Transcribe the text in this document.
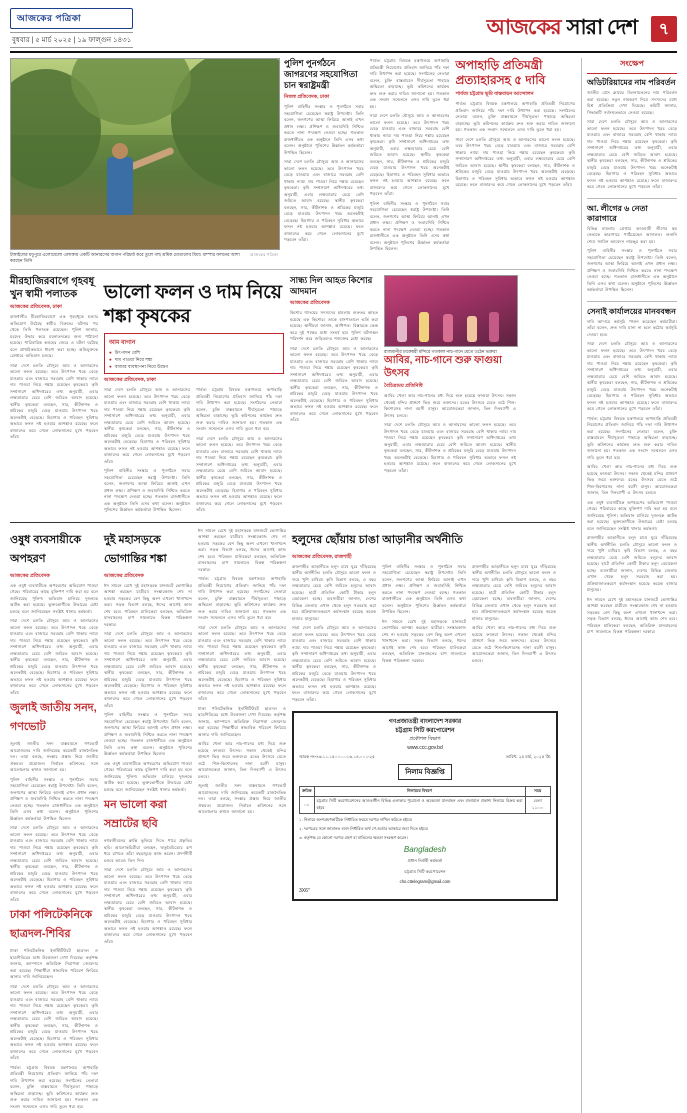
আজকের পত্রিকা
বুধবার | ৫ মার্চ ২০২৫ | ১৯ ফাল্গুন ১৪৩১
আজকের সারা দেশ	৭
টাঙ্গাইলের মধুপুরে এলোমেলো এলাকায় একটি আনারসের বাগান পরিচর্যা করে তুলে গাছ শ্রমিক মোতালেব মিয়া। বাম্পার ফলনের আশা করছেন তিনি
আজকের পত্রিকা
পুলিশ পুনর্গঠনে জাগরণের সহযোগিতা চান স্বরাষ্ট্রমন্ত্রী
নিজস্ব প্রতিবেদক, ঢাকা

পুলিশ বাহিনীর সংস্কার ও পুনর্গঠনে সবার সহযোগিতা চেয়েছেন স্বরাষ্ট্র উপদেষ্টা। তিনি বলেন, জনগণের আস্থা ফিরিয়ে আনাই এখন প্রধান লক্ষ্য। প্রশিক্ষণ ও জবাবদিহি নিশ্চিত করতে নানা পদক্ষেপ নেওয়া হচ্ছে। গতকাল রাজধানীতে এক অনুষ্ঠানে তিনি এসব কথা বলেন। অনুষ্ঠানে পুলিশের ঊর্ধ্বতন কর্মকর্তারা উপস্থিত ছিলেন।

সারা দেশে চলতি মৌসুমে আম ও আনারসের ভালো ফলন হয়েছে। তবে উৎপাদন খরচ বেড়ে যাওয়ায় এবং বাজারে সরবরাহ বেশি থাকায় ন্যায্য দাম পাওয়া নিয়ে শঙ্কায় রয়েছেন কৃষকেরা। কৃষি সম্প্রসারণ অধিদপ্তরের তথ্য অনুযায়ী, এবার লক্ষ্যমাত্রার চেয়ে বেশি জমিতে আবাদ হয়েছে। স্থানীয় কৃষকেরা বলছেন, সার, কীটনাশক ও শ্রমিকের মজুরি বেড়ে যাওয়ায় উৎপাদন খরচ অনেকটাই বেড়েছে। হিমাগার ও পরিবহন সুবিধার অভাবে ফসল নষ্ট হওয়ার আশঙ্কাও রয়েছে। ফলে বাজারদর কমে গেলে লোকসানের মুখে পড়বেন তাঁরা।

পার্বত্য চট্টগ্রাম বিষয়ক মন্ত্রণালয়ে অপাহাড়ি প্রতিমন্ত্রী নিয়োগের প্রতিবাদ জানিয়ে পাঁচ দফা দাবি উত্থাপন করা হয়েছে। সংগঠনের নেতারা বলেন, চুক্তি বাস্তবায়নে দীর্ঘসূত্রতা পাহাড়ে অস্থিরতা বাড়াচ্ছে। ভূমি কমিশনের কার্যক্রম দ্রুত শুরু করার দাবিও জানানো হয়। গতকাল এক সংবাদ সম্মেলনে এসব দাবি তুলে ধরা হয়।

সারা দেশে চলতি মৌসুমে আম ও আনারসের ভালো ফলন হয়েছে। তবে উৎপাদন খরচ বেড়ে যাওয়ায় এবং বাজারে সরবরাহ বেশি থাকায় ন্যায্য দাম পাওয়া নিয়ে শঙ্কায় রয়েছেন কৃষকেরা। কৃষি সম্প্রসারণ অধিদপ্তরের তথ্য অনুযায়ী, এবার লক্ষ্যমাত্রার চেয়ে বেশি জমিতে আবাদ হয়েছে। স্থানীয় কৃষকেরা বলছেন, সার, কীটনাশক ও শ্রমিকের মজুরি বেড়ে যাওয়ায় উৎপাদন খরচ অনেকটাই বেড়েছে। হিমাগার ও পরিবহন সুবিধার অভাবে ফসল নষ্ট হওয়ার আশঙ্কাও রয়েছে। ফলে বাজারদর কমে গেলে লোকসানের মুখে পড়বেন তাঁরা।

পুলিশ বাহিনীর সংস্কার ও পুনর্গঠনে সবার সহযোগিতা চেয়েছেন স্বরাষ্ট্র উপদেষ্টা। তিনি বলেন, জনগণের আস্থা ফিরিয়ে আনাই এখন প্রধান লক্ষ্য। প্রশিক্ষণ ও জবাবদিহি নিশ্চিত করতে নানা পদক্ষেপ নেওয়া হচ্ছে। গতকাল রাজধানীতে এক অনুষ্ঠানে তিনি এসব কথা বলেন। অনুষ্ঠানে পুলিশের ঊর্ধ্বতন কর্মকর্তারা উপস্থিত ছিলেন।

অপাহাড়ি প্রতিমন্ত্রী প্রত্যাহারসহ ৫ দাবি
পার্বত্য চট্টগ্রাম ভূমি বাস্তবায়ন আন্দোলন

পার্বত্য চট্টগ্রাম বিষয়ক মন্ত্রণালয়ে অপাহাড়ি প্রতিমন্ত্রী নিয়োগের প্রতিবাদ জানিয়ে পাঁচ দফা দাবি উত্থাপন করা হয়েছে। সংগঠনের নেতারা বলেন, চুক্তি বাস্তবায়নে দীর্ঘসূত্রতা পাহাড়ে অস্থিরতা বাড়াচ্ছে। ভূমি কমিশনের কার্যক্রম দ্রুত শুরু করার দাবিও জানানো হয়। গতকাল এক সংবাদ সম্মেলনে এসব দাবি তুলে ধরা হয়।

সারা দেশে চলতি মৌসুমে আম ও আনারসের ভালো ফলন হয়েছে। তবে উৎপাদন খরচ বেড়ে যাওয়ায় এবং বাজারে সরবরাহ বেশি থাকায় ন্যায্য দাম পাওয়া নিয়ে শঙ্কায় রয়েছেন কৃষকেরা। কৃষি সম্প্রসারণ অধিদপ্তরের তথ্য অনুযায়ী, এবার লক্ষ্যমাত্রার চেয়ে বেশি জমিতে আবাদ হয়েছে। স্থানীয় কৃষকেরা বলছেন, সার, কীটনাশক ও শ্রমিকের মজুরি বেড়ে যাওয়ায় উৎপাদন খরচ অনেকটাই বেড়েছে। হিমাগার ও পরিবহন সুবিধার অভাবে ফসল নষ্ট হওয়ার আশঙ্কাও রয়েছে। ফলে বাজারদর কমে গেলে লোকসানের মুখে পড়বেন তাঁরা।

মীরহাজিরবাগে গৃহবধূ খুন স্বামী পলাতক
আজকের প্রতিবেদক, ঢাকা

রাজধানীর মীরহাজিরবাগে এক গৃহবধূকে হত্যার অভিযোগ উঠেছে স্বামীর বিরুদ্ধে। ঘটনার পর থেকে তিনি পলাতক রয়েছেন। পুলিশ জানায়, মরদেহ উদ্ধার করে ময়নাতদন্তের জন্য পাঠানো হয়েছে। পারিবারিক কলহের জেরে এ ঘটনা ঘটেছে বলে প্রাথমিকভাবে ধারণা করা হচ্ছে। অভিযুক্তকে গ্রেপ্তারে অভিযান চলছে।

সারা দেশে চলতি মৌসুমে আম ও আনারসের ভালো ফলন হয়েছে। তবে উৎপাদন খরচ বেড়ে যাওয়ায় এবং বাজারে সরবরাহ বেশি থাকায় ন্যায্য দাম পাওয়া নিয়ে শঙ্কায় রয়েছেন কৃষকেরা। কৃষি সম্প্রসারণ অধিদপ্তরের তথ্য অনুযায়ী, এবার লক্ষ্যমাত্রার চেয়ে বেশি জমিতে আবাদ হয়েছে। স্থানীয় কৃষকেরা বলছেন, সার, কীটনাশক ও শ্রমিকের মজুরি বেড়ে যাওয়ায় উৎপাদন খরচ অনেকটাই বেড়েছে। হিমাগার ও পরিবহন সুবিধার অভাবে ফসল নষ্ট হওয়ার আশঙ্কাও রয়েছে। ফলে বাজারদর কমে গেলে লোকসানের মুখে পড়বেন তাঁরা।

ভালো ফলন ও দাম নিয়ে শঙ্কা কৃষকের
আম বাগান
● উৎপাদন বেশি
● দাম পাওয়া নিয়ে শঙ্কা
● বাজার ব্যবস্থাপনা নিয়ে উদ্বেগ
আজকের প্রতিবেদক, ঢাকা

সারা দেশে চলতি মৌসুমে আম ও আনারসের ভালো ফলন হয়েছে। তবে উৎপাদন খরচ বেড়ে যাওয়ায় এবং বাজারে সরবরাহ বেশি থাকায় ন্যায্য দাম পাওয়া নিয়ে শঙ্কায় রয়েছেন কৃষকেরা। কৃষি সম্প্রসারণ অধিদপ্তরের তথ্য অনুযায়ী, এবার লক্ষ্যমাত্রার চেয়ে বেশি জমিতে আবাদ হয়েছে। স্থানীয় কৃষকেরা বলছেন, সার, কীটনাশক ও শ্রমিকের মজুরি বেড়ে যাওয়ায় উৎপাদন খরচ অনেকটাই বেড়েছে। হিমাগার ও পরিবহন সুবিধার অভাবে ফসল নষ্ট হওয়ার আশঙ্কাও রয়েছে। ফলে বাজারদর কমে গেলে লোকসানের মুখে পড়বেন তাঁরা।

পুলিশ বাহিনীর সংস্কার ও পুনর্গঠনে সবার সহযোগিতা চেয়েছেন স্বরাষ্ট্র উপদেষ্টা। তিনি বলেন, জনগণের আস্থা ফিরিয়ে আনাই এখন প্রধান লক্ষ্য। প্রশিক্ষণ ও জবাবদিহি নিশ্চিত করতে নানা পদক্ষেপ নেওয়া হচ্ছে। গতকাল রাজধানীতে এক অনুষ্ঠানে তিনি এসব কথা বলেন। অনুষ্ঠানে পুলিশের ঊর্ধ্বতন কর্মকর্তারা উপস্থিত ছিলেন।

পার্বত্য চট্টগ্রাম বিষয়ক মন্ত্রণালয়ে অপাহাড়ি প্রতিমন্ত্রী নিয়োগের প্রতিবাদ জানিয়ে পাঁচ দফা দাবি উত্থাপন করা হয়েছে। সংগঠনের নেতারা বলেন, চুক্তি বাস্তবায়নে দীর্ঘসূত্রতা পাহাড়ে অস্থিরতা বাড়াচ্ছে। ভূমি কমিশনের কার্যক্রম দ্রুত শুরু করার দাবিও জানানো হয়। গতকাল এক সংবাদ সম্মেলনে এসব দাবি তুলে ধরা হয়।

সারা দেশে চলতি মৌসুমে আম ও আনারসের ভালো ফলন হয়েছে। তবে উৎপাদন খরচ বেড়ে যাওয়ায় এবং বাজারে সরবরাহ বেশি থাকায় ন্যায্য দাম পাওয়া নিয়ে শঙ্কায় রয়েছেন কৃষকেরা। কৃষি সম্প্রসারণ অধিদপ্তরের তথ্য অনুযায়ী, এবার লক্ষ্যমাত্রার চেয়ে বেশি জমিতে আবাদ হয়েছে। স্থানীয় কৃষকেরা বলছেন, সার, কীটনাশক ও শ্রমিকের মজুরি বেড়ে যাওয়ায় উৎপাদন খরচ অনেকটাই বেড়েছে। হিমাগার ও পরিবহন সুবিধার অভাবে ফসল নষ্ট হওয়ার আশঙ্কাও রয়েছে। ফলে বাজারদর কমে গেলে লোকসানের মুখে পড়বেন তাঁরা।

সান্ধ্য দিল আহত কিশোর আদমান
আজকের প্রতিবেদক

কিশোর গ্যাংয়ের সদস্যদের হামলায় গুরুতর আহত হয়েছে এক কিশোর। তাকে হাসপাতালে ভর্তি করা হয়েছে। স্থানীয়রা জানান, আধিপত্য বিস্তারকে কেন্দ্র করে দুই পক্ষের মধ্যে সংঘর্ষ হয়। পুলিশ ঘটনাস্থল পরিদর্শন করে জড়িতদের শনাক্তের চেষ্টা করছে।

সারা দেশে চলতি মৌসুমে আম ও আনারসের ভালো ফলন হয়েছে। তবে উৎপাদন খরচ বেড়ে যাওয়ায় এবং বাজারে সরবরাহ বেশি থাকায় ন্যায্য দাম পাওয়া নিয়ে শঙ্কায় রয়েছেন কৃষকেরা। কৃষি সম্প্রসারণ অধিদপ্তরের তথ্য অনুযায়ী, এবার লক্ষ্যমাত্রার চেয়ে বেশি জমিতে আবাদ হয়েছে। স্থানীয় কৃষকেরা বলছেন, সার, কীটনাশক ও শ্রমিকের মজুরি বেড়ে যাওয়ায় উৎপাদন খরচ অনেকটাই বেড়েছে। হিমাগার ও পরিবহন সুবিধার অভাবে ফসল নষ্ট হওয়ার আশঙ্কাও রয়েছে। ফলে বাজারদর কমে গেলে লোকসানের মুখে পড়বেন তাঁরা।

রাজধানীর ঢাকেশ্বরী মন্দিরে গতকাল নাচ-গানে মেতে ওঠেন ভক্তরা
আবির, নাচ-গানে শুরু ফাগুয়া উৎসব
বৈচিত্র্যময় প্রতিনিধি

আবির খেলা আর নাচ-গানের মধ্য দিয়ে শুরু হয়েছে ফাগুয়া উৎসব। সকাল থেকেই মন্দির প্রাঙ্গণে ভিড় জমে ভক্তদের। রঙের উৎসবে মেতে ওঠে শিশু-কিশোরসহ নানা বয়সী মানুষ। আয়োজকেরা জানান, তিন দিনব্যাপী এ উৎসব চলবে।

সারা দেশে চলতি মৌসুমে আম ও আনারসের ভালো ফলন হয়েছে। তবে উৎপাদন খরচ বেড়ে যাওয়ায় এবং বাজারে সরবরাহ বেশি থাকায় ন্যায্য দাম পাওয়া নিয়ে শঙ্কায় রয়েছেন কৃষকেরা। কৃষি সম্প্রসারণ অধিদপ্তরের তথ্য অনুযায়ী, এবার লক্ষ্যমাত্রার চেয়ে বেশি জমিতে আবাদ হয়েছে। স্থানীয় কৃষকেরা বলছেন, সার, কীটনাশক ও শ্রমিকের মজুরি বেড়ে যাওয়ায় উৎপাদন খরচ অনেকটাই বেড়েছে। হিমাগার ও পরিবহন সুবিধার অভাবে ফসল নষ্ট হওয়ার আশঙ্কাও রয়েছে। ফলে বাজারদর কমে গেলে লোকসানের মুখে পড়বেন তাঁরা।

ওষুধ ব্যবসায়ীকে অপহরণ
আজকের প্রতিবেদক

এক ওষুধ ব্যবসায়ীকে অপহরণের অভিযোগ পাওয়া গেছে। পরিবারের কাছে মুক্তিপণ দাবি করা হয় বলে জানিয়েছে পুলিশ। অভিযান চালিয়ে দুজনকে আটক করা হয়েছে। ভুক্তভোগীকে উদ্ধারের চেষ্টা চলছে বলে জানিয়েছেন সংশ্লিষ্ট থানার কর্মকর্তা।

সারা দেশে চলতি মৌসুমে আম ও আনারসের ভালো ফলন হয়েছে। তবে উৎপাদন খরচ বেড়ে যাওয়ায় এবং বাজারে সরবরাহ বেশি থাকায় ন্যায্য দাম পাওয়া নিয়ে শঙ্কায় রয়েছেন কৃষকেরা। কৃষি সম্প্রসারণ অধিদপ্তরের তথ্য অনুযায়ী, এবার লক্ষ্যমাত্রার চেয়ে বেশি জমিতে আবাদ হয়েছে। স্থানীয় কৃষকেরা বলছেন, সার, কীটনাশক ও শ্রমিকের মজুরি বেড়ে যাওয়ায় উৎপাদন খরচ অনেকটাই বেড়েছে। হিমাগার ও পরিবহন সুবিধার অভাবে ফসল নষ্ট হওয়ার আশঙ্কাও রয়েছে। ফলে বাজারদর কমে গেলে লোকসানের মুখে পড়বেন তাঁরা।

জুলাই জাতীয় সনদ, গণভোট

জুলাই জাতীয় সনদ বাস্তবায়নে গণভোট আয়োজনের দাবি জানিয়েছে কয়েকটি রাজনৈতিক দল। তারা বলছে, সংস্কার প্রস্তাব নিয়ে জাতীয় ঐকমত্য প্রয়োজন। নির্বাচন কমিশনের সঙ্গে আলোচনার কথাও জানানো হয়।

পুলিশ বাহিনীর সংস্কার ও পুনর্গঠনে সবার সহযোগিতা চেয়েছেন স্বরাষ্ট্র উপদেষ্টা। তিনি বলেন, জনগণের আস্থা ফিরিয়ে আনাই এখন প্রধান লক্ষ্য। প্রশিক্ষণ ও জবাবদিহি নিশ্চিত করতে নানা পদক্ষেপ নেওয়া হচ্ছে। গতকাল রাজধানীতে এক অনুষ্ঠানে তিনি এসব কথা বলেন। অনুষ্ঠানে পুলিশের ঊর্ধ্বতন কর্মকর্তারা উপস্থিত ছিলেন।

সারা দেশে চলতি মৌসুমে আম ও আনারসের ভালো ফলন হয়েছে। তবে উৎপাদন খরচ বেড়ে যাওয়ায় এবং বাজারে সরবরাহ বেশি থাকায় ন্যায্য দাম পাওয়া নিয়ে শঙ্কায় রয়েছেন কৃষকেরা। কৃষি সম্প্রসারণ অধিদপ্তরের তথ্য অনুযায়ী, এবার লক্ষ্যমাত্রার চেয়ে বেশি জমিতে আবাদ হয়েছে। স্থানীয় কৃষকেরা বলছেন, সার, কীটনাশক ও শ্রমিকের মজুরি বেড়ে যাওয়ায় উৎপাদন খরচ অনেকটাই বেড়েছে। হিমাগার ও পরিবহন সুবিধার অভাবে ফসল নষ্ট হওয়ার আশঙ্কাও রয়েছে। ফলে বাজারদর কমে গেলে লোকসানের মুখে পড়বেন তাঁরা।

ঢাকা পলিটেকনিকে ছাত্রদল-শিবির

ঢাকা পলিটেকনিক ইনস্টিটিউটে ছাত্রদল ও ছাত্রশিবিরের মধ্যে উত্তেজনা দেখা দিয়েছে। কর্তৃপক্ষ জানায়, ক্যাম্পাসে অতিরিক্ত নিরাপত্তা জোরদার করা হয়েছে। শিক্ষার্থীরা স্বাভাবিক পরিবেশ ফিরিয়ে আনার দাবি জানিয়েছেন।

সারা দেশে চলতি মৌসুমে আম ও আনারসের ভালো ফলন হয়েছে। তবে উৎপাদন খরচ বেড়ে যাওয়ায় এবং বাজারে সরবরাহ বেশি থাকায় ন্যায্য দাম পাওয়া নিয়ে শঙ্কায় রয়েছেন কৃষকেরা। কৃষি সম্প্রসারণ অধিদপ্তরের তথ্য অনুযায়ী, এবার লক্ষ্যমাত্রার চেয়ে বেশি জমিতে আবাদ হয়েছে। স্থানীয় কৃষকেরা বলছেন, সার, কীটনাশক ও শ্রমিকের মজুরি বেড়ে যাওয়ায় উৎপাদন খরচ অনেকটাই বেড়েছে। হিমাগার ও পরিবহন সুবিধার অভাবে ফসল নষ্ট হওয়ার আশঙ্কাও রয়েছে। ফলে বাজারদর কমে গেলে লোকসানের মুখে পড়বেন তাঁরা।

পার্বত্য চট্টগ্রাম বিষয়ক মন্ত্রণালয়ে অপাহাড়ি প্রতিমন্ত্রী নিয়োগের প্রতিবাদ জানিয়ে পাঁচ দফা দাবি উত্থাপন করা হয়েছে। সংগঠনের নেতারা বলেন, চুক্তি বাস্তবায়নে দীর্ঘসূত্রতা পাহাড়ে অস্থিরতা বাড়াচ্ছে। ভূমি কমিশনের কার্যক্রম দ্রুত শুরু করার দাবিও জানানো হয়। গতকাল এক সংবাদ সম্মেলনে এসব দাবি তুলে ধরা হয়।

দুই মহাসড়কে ভোগান্তির শঙ্কা
আজকের প্রতিবেদক

ঈদ সামনে রেখে দুই মহাসড়কে যানজটে ভোগান্তির আশঙ্কা করছেন যাত্রীরা। সংস্কারকাজ শেষ না হওয়ায় সড়কের বেশ কিছু অংশ এখনো খানাখন্দে ভরা। সড়ক বিভাগ বলছে, ঈদের আগেই কাজ শেষ হবে। পরিবহন মালিকেরা বলছেন, অতিরিক্ত যানবাহনের চাপ সামলাতে বিকল্প পরিকল্পনা দরকার।

সারা দেশে চলতি মৌসুমে আম ও আনারসের ভালো ফলন হয়েছে। তবে উৎপাদন খরচ বেড়ে যাওয়ায় এবং বাজারে সরবরাহ বেশি থাকায় ন্যায্য দাম পাওয়া নিয়ে শঙ্কায় রয়েছেন কৃষকেরা। কৃষি সম্প্রসারণ অধিদপ্তরের তথ্য অনুযায়ী, এবার লক্ষ্যমাত্রার চেয়ে বেশি জমিতে আবাদ হয়েছে। স্থানীয় কৃষকেরা বলছেন, সার, কীটনাশক ও শ্রমিকের মজুরি বেড়ে যাওয়ায় উৎপাদন খরচ অনেকটাই বেড়েছে। হিমাগার ও পরিবহন সুবিধার অভাবে ফসল নষ্ট হওয়ার আশঙ্কাও রয়েছে। ফলে বাজারদর কমে গেলে লোকসানের মুখে পড়বেন তাঁরা।

পুলিশ বাহিনীর সংস্কার ও পুনর্গঠনে সবার সহযোগিতা চেয়েছেন স্বরাষ্ট্র উপদেষ্টা। তিনি বলেন, জনগণের আস্থা ফিরিয়ে আনাই এখন প্রধান লক্ষ্য। প্রশিক্ষণ ও জবাবদিহি নিশ্চিত করতে নানা পদক্ষেপ নেওয়া হচ্ছে। গতকাল রাজধানীতে এক অনুষ্ঠানে তিনি এসব কথা বলেন। অনুষ্ঠানে পুলিশের ঊর্ধ্বতন কর্মকর্তারা উপস্থিত ছিলেন।

এক ওষুধ ব্যবসায়ীকে অপহরণের অভিযোগ পাওয়া গেছে। পরিবারের কাছে মুক্তিপণ দাবি করা হয় বলে জানিয়েছে পুলিশ। অভিযান চালিয়ে দুজনকে আটক করা হয়েছে। ভুক্তভোগীকে উদ্ধারের চেষ্টা চলছে বলে জানিয়েছেন সংশ্লিষ্ট থানার কর্মকর্তা।

মন ভালো করা সম্রাটের ছবি

নগরজীবনের ক্লান্তি ভুলিয়ে দিতে পারে প্রকৃতির ছবি। আলোকচিত্রীরা বলছেন, ঋতুবৈচিত্র্যের রূপ ধরে রাখতে তাঁরা বছরজুড়ে কাজ করেন। প্রদর্শনীটি চলবে আরও তিন দিন।

সারা দেশে চলতি মৌসুমে আম ও আনারসের ভালো ফলন হয়েছে। তবে উৎপাদন খরচ বেড়ে যাওয়ায় এবং বাজারে সরবরাহ বেশি থাকায় ন্যায্য দাম পাওয়া নিয়ে শঙ্কায় রয়েছেন কৃষকেরা। কৃষি সম্প্রসারণ অধিদপ্তরের তথ্য অনুযায়ী, এবার লক্ষ্যমাত্রার চেয়ে বেশি জমিতে আবাদ হয়েছে। স্থানীয় কৃষকেরা বলছেন, সার, কীটনাশক ও শ্রমিকের মজুরি বেড়ে যাওয়ায় উৎপাদন খরচ অনেকটাই বেড়েছে। হিমাগার ও পরিবহন সুবিধার অভাবে ফসল নষ্ট হওয়ার আশঙ্কাও রয়েছে। ফলে বাজারদর কমে গেলে লোকসানের মুখে পড়বেন তাঁরা।

ঈদ সামনে রেখে দুই মহাসড়কে যানজটে ভোগান্তির আশঙ্কা করছেন যাত্রীরা। সংস্কারকাজ শেষ না হওয়ায় সড়কের বেশ কিছু অংশ এখনো খানাখন্দে ভরা। সড়ক বিভাগ বলছে, ঈদের আগেই কাজ শেষ হবে। পরিবহন মালিকেরা বলছেন, অতিরিক্ত যানবাহনের চাপ সামলাতে বিকল্প পরিকল্পনা দরকার।

পার্বত্য চট্টগ্রাম বিষয়ক মন্ত্রণালয়ে অপাহাড়ি প্রতিমন্ত্রী নিয়োগের প্রতিবাদ জানিয়ে পাঁচ দফা দাবি উত্থাপন করা হয়েছে। সংগঠনের নেতারা বলেন, চুক্তি বাস্তবায়নে দীর্ঘসূত্রতা পাহাড়ে অস্থিরতা বাড়াচ্ছে। ভূমি কমিশনের কার্যক্রম দ্রুত শুরু করার দাবিও জানানো হয়। গতকাল এক সংবাদ সম্মেলনে এসব দাবি তুলে ধরা হয়।

সারা দেশে চলতি মৌসুমে আম ও আনারসের ভালো ফলন হয়েছে। তবে উৎপাদন খরচ বেড়ে যাওয়ায় এবং বাজারে সরবরাহ বেশি থাকায় ন্যায্য দাম পাওয়া নিয়ে শঙ্কায় রয়েছেন কৃষকেরা। কৃষি সম্প্রসারণ অধিদপ্তরের তথ্য অনুযায়ী, এবার লক্ষ্যমাত্রার চেয়ে বেশি জমিতে আবাদ হয়েছে। স্থানীয় কৃষকেরা বলছেন, সার, কীটনাশক ও শ্রমিকের মজুরি বেড়ে যাওয়ায় উৎপাদন খরচ অনেকটাই বেড়েছে। হিমাগার ও পরিবহন সুবিধার অভাবে ফসল নষ্ট হওয়ার আশঙ্কাও রয়েছে। ফলে বাজারদর কমে গেলে লোকসানের মুখে পড়বেন তাঁরা।

ঢাকা পলিটেকনিক ইনস্টিটিউটে ছাত্রদল ও ছাত্রশিবিরের মধ্যে উত্তেজনা দেখা দিয়েছে। কর্তৃপক্ষ জানায়, ক্যাম্পাসে অতিরিক্ত নিরাপত্তা জোরদার করা হয়েছে। শিক্ষার্থীরা স্বাভাবিক পরিবেশ ফিরিয়ে আনার দাবি জানিয়েছেন।

আবির খেলা আর নাচ-গানের মধ্য দিয়ে শুরু হয়েছে ফাগুয়া উৎসব। সকাল থেকেই মন্দির প্রাঙ্গণে ভিড় জমে ভক্তদের। রঙের উৎসবে মেতে ওঠে শিশু-কিশোরসহ নানা বয়সী মানুষ। আয়োজকেরা জানান, তিন দিনব্যাপী এ উৎসব চলবে।

জুলাই জাতীয় সনদ বাস্তবায়নে গণভোট আয়োজনের দাবি জানিয়েছে কয়েকটি রাজনৈতিক দল। তারা বলছে, সংস্কার প্রস্তাব নিয়ে জাতীয় ঐকমত্য প্রয়োজন। নির্বাচন কমিশনের সঙ্গে আলোচনার কথাও জানানো হয়।

হলুদের ছোঁয়ায় চাঙা আড়ানীর অর্থনীতি
আজকের প্রতিবেদক, রাজশাহী

রাজশাহীর আড়ানীতে হলুদ চাষে ঘুরে দাঁড়িয়েছে স্থানীয় অর্থনীতি। চলতি মৌসুমে ভালো ফলন ও দামে খুশি চাষিরা। কৃষি বিভাগ বলছে, এ বছর লক্ষ্যমাত্রার চেয়ে বেশি জমিতে হলুদের আবাদ হয়েছে। হাটে প্রতিদিন কোটি টাকার হলুদ বেচাকেনা হচ্ছে। ব্যবসায়ীরা জানান, দেশের বিভিন্ন জেলায় এখান থেকে হলুদ সরবরাহ করা হয়। প্রক্রিয়াজাতকরণে কর্মসংস্থান হয়েছে কয়েক হাজার মানুষের।

সারা দেশে চলতি মৌসুমে আম ও আনারসের ভালো ফলন হয়েছে। তবে উৎপাদন খরচ বেড়ে যাওয়ায় এবং বাজারে সরবরাহ বেশি থাকায় ন্যায্য দাম পাওয়া নিয়ে শঙ্কায় রয়েছেন কৃষকেরা। কৃষি সম্প্রসারণ অধিদপ্তরের তথ্য অনুযায়ী, এবার লক্ষ্যমাত্রার চেয়ে বেশি জমিতে আবাদ হয়েছে। স্থানীয় কৃষকেরা বলছেন, সার, কীটনাশক ও শ্রমিকের মজুরি বেড়ে যাওয়ায় উৎপাদন খরচ অনেকটাই বেড়েছে। হিমাগার ও পরিবহন সুবিধার অভাবে ফসল নষ্ট হওয়ার আশঙ্কাও রয়েছে। ফলে বাজারদর কমে গেলে লোকসানের মুখে পড়বেন তাঁরা।

পুলিশ বাহিনীর সংস্কার ও পুনর্গঠনে সবার সহযোগিতা চেয়েছেন স্বরাষ্ট্র উপদেষ্টা। তিনি বলেন, জনগণের আস্থা ফিরিয়ে আনাই এখন প্রধান লক্ষ্য। প্রশিক্ষণ ও জবাবদিহি নিশ্চিত করতে নানা পদক্ষেপ নেওয়া হচ্ছে। গতকাল রাজধানীতে এক অনুষ্ঠানে তিনি এসব কথা বলেন। অনুষ্ঠানে পুলিশের ঊর্ধ্বতন কর্মকর্তারা উপস্থিত ছিলেন।

ঈদ সামনে রেখে দুই মহাসড়কে যানজটে ভোগান্তির আশঙ্কা করছেন যাত্রীরা। সংস্কারকাজ শেষ না হওয়ায় সড়কের বেশ কিছু অংশ এখনো খানাখন্দে ভরা। সড়ক বিভাগ বলছে, ঈদের আগেই কাজ শেষ হবে। পরিবহন মালিকেরা বলছেন, অতিরিক্ত যানবাহনের চাপ সামলাতে বিকল্প পরিকল্পনা দরকার।

রাজশাহীর আড়ানীতে হলুদ চাষে ঘুরে দাঁড়িয়েছে স্থানীয় অর্থনীতি। চলতি মৌসুমে ভালো ফলন ও দামে খুশি চাষিরা। কৃষি বিভাগ বলছে, এ বছর লক্ষ্যমাত্রার চেয়ে বেশি জমিতে হলুদের আবাদ হয়েছে। হাটে প্রতিদিন কোটি টাকার হলুদ বেচাকেনা হচ্ছে। ব্যবসায়ীরা জানান, দেশের বিভিন্ন জেলায় এখান থেকে হলুদ সরবরাহ করা হয়। প্রক্রিয়াজাতকরণে কর্মসংস্থান হয়েছে কয়েক হাজার মানুষের।

আবির খেলা আর নাচ-গানের মধ্য দিয়ে শুরু হয়েছে ফাগুয়া উৎসব। সকাল থেকেই মন্দির প্রাঙ্গণে ভিড় জমে ভক্তদের। রঙের উৎসবে মেতে ওঠে শিশু-কিশোরসহ নানা বয়সী মানুষ। আয়োজকেরা জানান, তিন দিনব্যাপী এ উৎসব চলবে।

গণপ্রজাতন্ত্রী বাংলাদেশ সরকার
চট্টগ্রাম সিটি করপোরেশন
প্রকৌশল বিভাগ
www.ccc.gov.bd
স্মারক নং-৪৬.১১.১৫০০০.০১৬.১৪.০০১-২৫	তারিখ: ২৫ মার্চ, ২০২৫ খ্রি.
নিলাম বিজ্ঞপ্তি
ক্রমিক	নিলামের বিবরণ	সময়
০১	চট্টগ্রাম সিটি করপোরেশনের আওতাধীন বিভিন্ন এলাকার পুরোনো ও অকেজো যানবাহন এবং মালামাল প্রকাশ্য নিলামে বিক্রয় করা হইবে	বেলা ১১:০০
১. নিলামে অংশগ্রহণকারীকে নির্ধারিত ফরমে দরপত্র দাখিল করিতে হইবে।
২. দরপত্রের সঙ্গে জামানত বাবদ নির্ধারিত অর্থ পে-অর্ডার আকারে জমা দিতে হইবে।
৩. কর্তৃপক্ষ যে কোনো দরপত্র গ্রহণ বা বাতিলের ক্ষমতা সংরক্ষণ করেন।
Bangladesh
প্রধান নির্বাহী কর্মকর্তা
চট্টগ্রাম সিটি করপোরেশন
cho.cttelegram@gmail.com
3X6"
সংক্ষেপ
অডিটরিয়ামের নাম পরিবর্তন

জাতীয় প্রেস ক্লাবের মিলনায়তনের নাম পরিবর্তন করা হয়েছে। নতুন নামকরণ নিয়ে সদস্যদের মধ্যে মিশ্র প্রতিক্রিয়া দেখা দিয়েছে। কমিটি জানায়, সিদ্ধান্তটি সর্বসম্মতভাবে নেওয়া হয়েছে।

সারা দেশে চলতি মৌসুমে আম ও আনারসের ভালো ফলন হয়েছে। তবে উৎপাদন খরচ বেড়ে যাওয়ায় এবং বাজারে সরবরাহ বেশি থাকায় ন্যায্য দাম পাওয়া নিয়ে শঙ্কায় রয়েছেন কৃষকেরা। কৃষি সম্প্রসারণ অধিদপ্তরের তথ্য অনুযায়ী, এবার লক্ষ্যমাত্রার চেয়ে বেশি জমিতে আবাদ হয়েছে। স্থানীয় কৃষকেরা বলছেন, সার, কীটনাশক ও শ্রমিকের মজুরি বেড়ে যাওয়ায় উৎপাদন খরচ অনেকটাই বেড়েছে। হিমাগার ও পরিবহন সুবিধার অভাবে ফসল নষ্ট হওয়ার আশঙ্কাও রয়েছে। ফলে বাজারদর কমে গেলে লোকসানের মুখে পড়বেন তাঁরা।

আ. লীগের ৬ নেতা কারাগারে

বিভিন্ন মামলায় গ্রেপ্তার আওয়ামী লীগের ছয় নেতাকে কারাগারে পাঠিয়েছেন আদালত। শুনানি শেষে জামিন আবেদন নামঞ্জুর করা হয়।

পুলিশ বাহিনীর সংস্কার ও পুনর্গঠনে সবার সহযোগিতা চেয়েছেন স্বরাষ্ট্র উপদেষ্টা। তিনি বলেন, জনগণের আস্থা ফিরিয়ে আনাই এখন প্রধান লক্ষ্য। প্রশিক্ষণ ও জবাবদিহি নিশ্চিত করতে নানা পদক্ষেপ নেওয়া হচ্ছে। গতকাল রাজধানীতে এক অনুষ্ঠানে তিনি এসব কথা বলেন। অনুষ্ঠানে পুলিশের ঊর্ধ্বতন কর্মকর্তারা উপস্থিত ছিলেন।

সেনাই কার্যালয়ের মানববন্ধন

দাবি আদায়ে কর্মসূচি পালন করেছেন কর্মচারীরা। তাঁরা বলেন, দ্রুত দাবি মানা না হলে কঠোর কর্মসূচি দেওয়া হবে।

সারা দেশে চলতি মৌসুমে আম ও আনারসের ভালো ফলন হয়েছে। তবে উৎপাদন খরচ বেড়ে যাওয়ায় এবং বাজারে সরবরাহ বেশি থাকায় ন্যায্য দাম পাওয়া নিয়ে শঙ্কায় রয়েছেন কৃষকেরা। কৃষি সম্প্রসারণ অধিদপ্তরের তথ্য অনুযায়ী, এবার লক্ষ্যমাত্রার চেয়ে বেশি জমিতে আবাদ হয়েছে। স্থানীয় কৃষকেরা বলছেন, সার, কীটনাশক ও শ্রমিকের মজুরি বেড়ে যাওয়ায় উৎপাদন খরচ অনেকটাই বেড়েছে। হিমাগার ও পরিবহন সুবিধার অভাবে ফসল নষ্ট হওয়ার আশঙ্কাও রয়েছে। ফলে বাজারদর কমে গেলে লোকসানের মুখে পড়বেন তাঁরা।

পার্বত্য চট্টগ্রাম বিষয়ক মন্ত্রণালয়ে অপাহাড়ি প্রতিমন্ত্রী নিয়োগের প্রতিবাদ জানিয়ে পাঁচ দফা দাবি উত্থাপন করা হয়েছে। সংগঠনের নেতারা বলেন, চুক্তি বাস্তবায়নে দীর্ঘসূত্রতা পাহাড়ে অস্থিরতা বাড়াচ্ছে। ভূমি কমিশনের কার্যক্রম দ্রুত শুরু করার দাবিও জানানো হয়। গতকাল এক সংবাদ সম্মেলনে এসব দাবি তুলে ধরা হয়।

আবির খেলা আর নাচ-গানের মধ্য দিয়ে শুরু হয়েছে ফাগুয়া উৎসব। সকাল থেকেই মন্দির প্রাঙ্গণে ভিড় জমে ভক্তদের। রঙের উৎসবে মেতে ওঠে শিশু-কিশোরসহ নানা বয়সী মানুষ। আয়োজকেরা জানান, তিন দিনব্যাপী এ উৎসব চলবে।

এক ওষুধ ব্যবসায়ীকে অপহরণের অভিযোগ পাওয়া গেছে। পরিবারের কাছে মুক্তিপণ দাবি করা হয় বলে জানিয়েছে পুলিশ। অভিযান চালিয়ে দুজনকে আটক করা হয়েছে। ভুক্তভোগীকে উদ্ধারের চেষ্টা চলছে বলে জানিয়েছেন সংশ্লিষ্ট থানার কর্মকর্তা।

রাজশাহীর আড়ানীতে হলুদ চাষে ঘুরে দাঁড়িয়েছে স্থানীয় অর্থনীতি। চলতি মৌসুমে ভালো ফলন ও দামে খুশি চাষিরা। কৃষি বিভাগ বলছে, এ বছর লক্ষ্যমাত্রার চেয়ে বেশি জমিতে হলুদের আবাদ হয়েছে। হাটে প্রতিদিন কোটি টাকার হলুদ বেচাকেনা হচ্ছে। ব্যবসায়ীরা জানান, দেশের বিভিন্ন জেলায় এখান থেকে হলুদ সরবরাহ করা হয়। প্রক্রিয়াজাতকরণে কর্মসংস্থান হয়েছে কয়েক হাজার মানুষের।

ঈদ সামনে রেখে দুই মহাসড়কে যানজটে ভোগান্তির আশঙ্কা করছেন যাত্রীরা। সংস্কারকাজ শেষ না হওয়ায় সড়কের বেশ কিছু অংশ এখনো খানাখন্দে ভরা। সড়ক বিভাগ বলছে, ঈদের আগেই কাজ শেষ হবে। পরিবহন মালিকেরা বলছেন, অতিরিক্ত যানবাহনের চাপ সামলাতে বিকল্প পরিকল্পনা দরকার।
